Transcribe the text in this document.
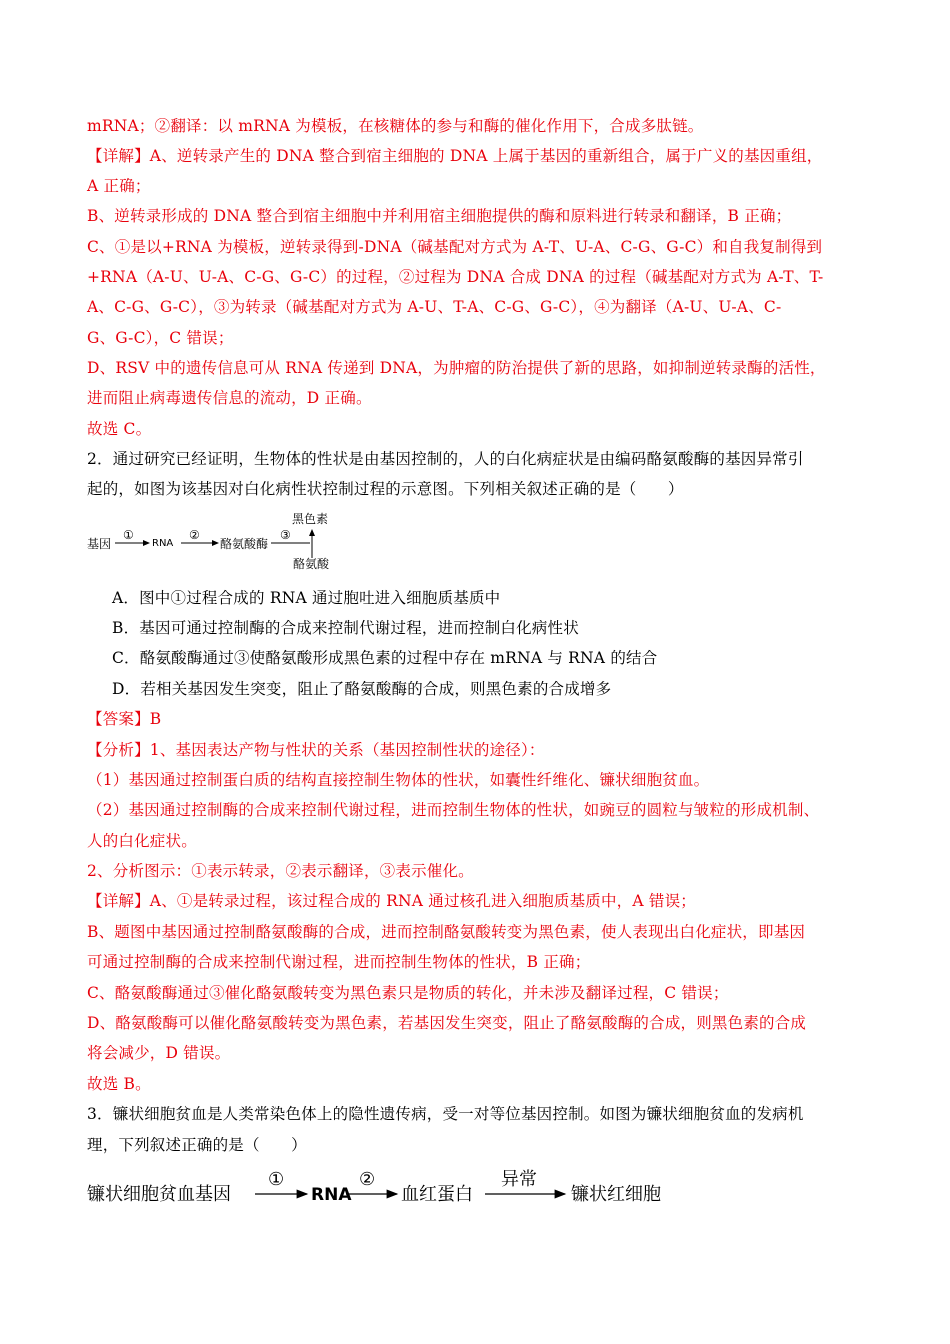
mRNA；②翻译：以 mRNA 为模板，在核糖体的参与和酶的催化作用下，合成多肽链。
【详解】A、逆转录产生的 DNA 整合到宿主细胞的 DNA 上属于基因的重新组合，属于广义的基因重组，
A 正确；
B、逆转录形成的 DNA 整合到宿主细胞中并利用宿主细胞提供的酶和原料进行转录和翻译，B 正确；
C、①是以+RNA 为模板，逆转录得到-DNA（碱基配对方式为 A-T、U-A、C-G、G-C）和自我复制得到
+RNA（A-U、U-A、C-G、G-C）的过程，②过程为 DNA 合成 DNA 的过程（碱基配对方式为 A-T、T-
A、C-G、G-C），③为转录（碱基配对方式为 A-U、T-A、C-G、G-C），④为翻译（A-U、U-A、C-
G、G-C），C 错误；
D、RSV 中的遗传信息可从 RNA 传递到 DNA，为肿瘤的防治提供了新的思路，如抑制逆转录酶的活性，
进而阻止病毒遗传信息的流动，D 正确。
故选 C。
2．通过研究已经证明，生物体的性状是由基因控制的，人的白化病症状是由编码酪氨酸酶的基因异常引
起的，如图为该基因对白化病性状控制过程的示意图。下列相关叙述正确的是（　　）
基因
①
RNA
②
酪氨酸酶
③
黑色素
酪氨酸
A．图中①过程合成的 RNA 通过胞吐进入细胞质基质中
B．基因可通过控制酶的合成来控制代谢过程，进而控制白化病性状
C．酪氨酸酶通过③使酪氨酸形成黑色素的过程中存在 mRNA 与 RNA 的结合
D．若相关基因发生突变，阻止了酪氨酸酶的合成，则黑色素的合成增多
【答案】B
【分析】1、基因表达产物与性状的关系（基因控制性状的途径）：
（1）基因通过控制蛋白质的结构直接控制生物体的性状，如囊性纤维化、镰状细胞贫血。
（2）基因通过控制酶的合成来控制代谢过程，进而控制生物体的性状，如豌豆的圆粒与皱粒的形成机制、
人的白化症状。
2、分析图示：①表示转录，②表示翻译，③表示催化。
【详解】A、①是转录过程，该过程合成的 RNA 通过核孔进入细胞质基质中，A 错误；
B、题图中基因通过控制酪氨酸酶的合成，进而控制酪氨酸转变为黑色素，使人表现出白化症状，即基因
可通过控制酶的合成来控制代谢过程，进而控制生物体的性状，B 正确；
C、酪氨酸酶通过③催化酪氨酸转变为黑色素只是物质的转化，并未涉及翻译过程，C 错误；
D、酪氨酸酶可以催化酪氨酸转变为黑色素，若基因发生突变，阻止了酪氨酸酶的合成，则黑色素的合成
将会减少，D 错误。
故选 B。
3．镰状细胞贫血是人类常染色体上的隐性遗传病，受一对等位基因控制。如图为镰状细胞贫血的发病机
理，下列叙述正确的是（　　）
镰状细胞贫血基因
①
RNA
②
血红蛋白
异常
镰状红细胞
